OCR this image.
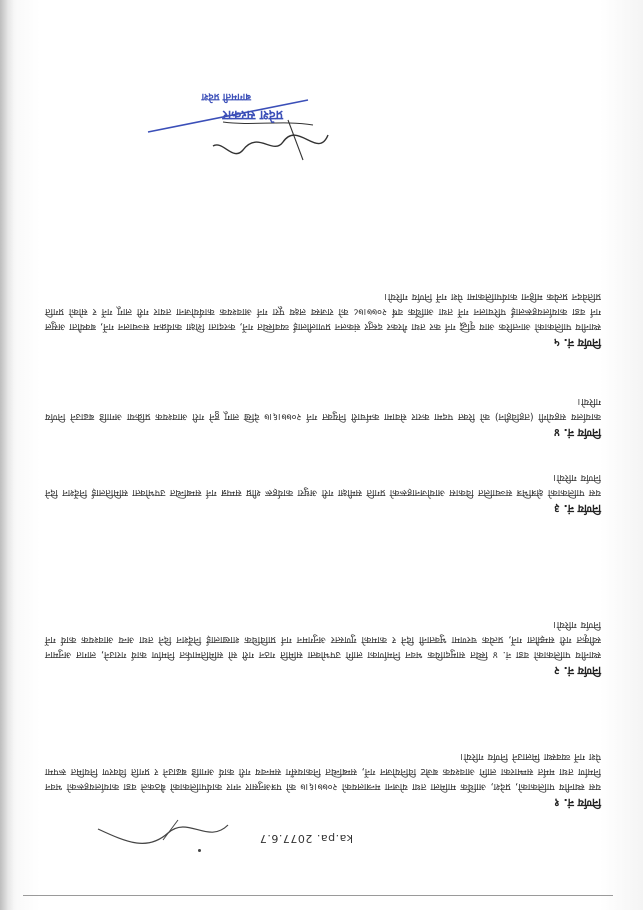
ka.pa. 2077.6.7
निर्णय नं. १

यस स्थानीय पालिकाको, प्रदेश, आर्थिक मामिला तथा योजना मन्त्रालयको २०७७।६।७ को पत्रअनुसार नगर कार्यपालिकाको बैठकले वडा कार्यालयहरूको भवन निर्माण तथा मर्मत सम्भारका लागि आवश्यक बजेट विनियोजन गर्ने, सम्बन्धित निकायसँग समन्वय गरी कार्य अगाडि बढाउने र प्रगति विवरण नियमित रूपमा पेश गर्ने व्यवस्था मिलाउने निर्णय गरियो।

निर्णय नं. २

स्थानीय पालिकाको वडा नं. ४ स्थित सामुदायिक भवन निर्माणका लागि उपभोक्ता समिति गठन गरी सो समितिमार्फत निर्माण कार्य गराउने, लागत अनुमान स्वीकृत गरी सम्झौता गर्ने, प्रत्येक चरणमा भुक्तानी दिने र कामको गुणस्तर अनुगमन गर्न प्राविधिक शाखालाई निर्देशन दिने तथा अन्य आवश्यक कार्य गर्ने निर्णय गरियो।

निर्णय नं. ३

यस पालिकाको क्षेत्रभित्र सञ्चालित विकास आयोजनाहरूको प्रगति समीक्षा गरी अधुरा कार्यहरू शीघ्र सम्पन्न गर्न सम्बन्धित उपभोक्ता समितिलाई निर्देशन दिने निर्णय गरियो।

निर्णय नं. ४

कार्यालय सहयोगी (तहविहीन) को रिक्त पदमा करार सेवामा कर्मचारी नियुक्त गर्न २०७७।६।७ देखि लागू हुने गरी आवश्यक प्रक्रिया अगाडि बढाउने निर्णय गरियो।

निर्णय नं. ५

स्थानीय पालिकाको आन्तरिक आय वृद्धि गर्न कर तथा गैरकर दस्तुर संकलन प्रणालीलाई व्यवस्थित गर्ने, करदाता शिक्षा कार्यक्रम सञ्चालन गर्ने, बक्यौता असुल गर्न वडा कार्यालयहरूलाई परिचालन गर्ने तथा आर्थिक वर्ष २०७७।७८ को राजस्व लक्ष्य पूरा गर्न आवश्यक कार्ययोजना तयार गरी लागू गर्ने र सोको प्रगति प्रतिवेदन प्रत्येक महिना कार्यपालिकामा पेश गर्ने निर्णय गरियो।

प्रदेश सरकार
बागमती प्रदेश
